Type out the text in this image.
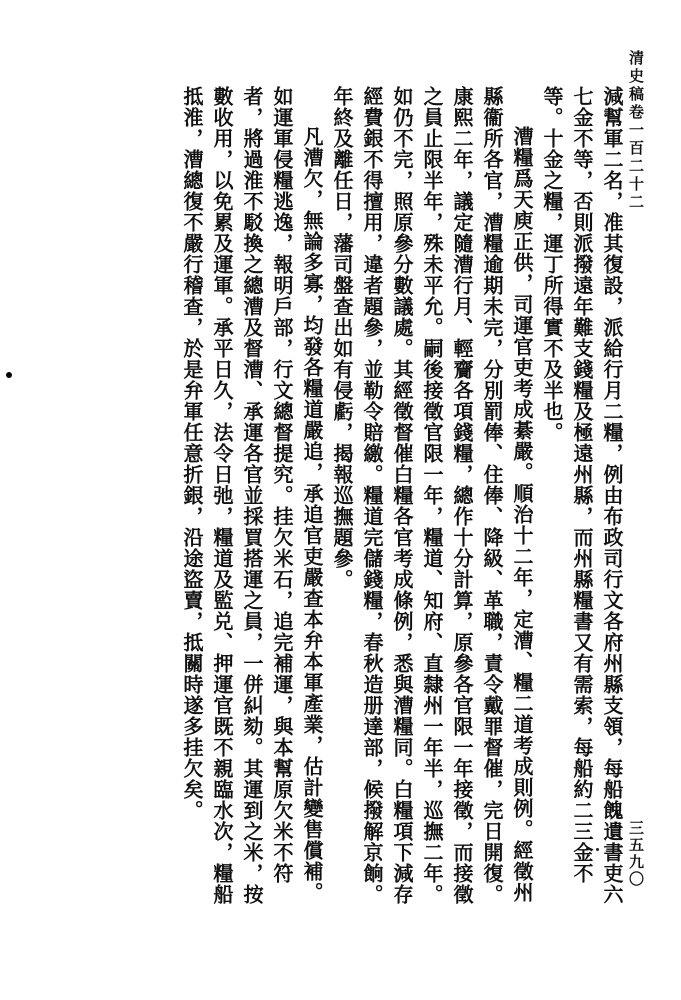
清史稿卷一百二十二

減幫軍二名，准其復設，派給行月二糧，例由布政司行文各府州縣支領，每船餽遺書吏六七金不等，否則派撥遠年難支錢糧及極遠州縣，而州縣糧書又有需索，每船約二三金不等。十金之糧，運丁所得實不及半也。

漕糧爲天庾正供，司運官吏考成綦嚴。順治十二年，定漕、糧二道考成則例。經徵州縣衞所各官，漕糧逾期未完，分別罰俸、住俸、降級、革職，責令戴罪督催，完日開復。康熙二年，議定隨漕行月、輕齎各項錢糧，總作十分計算，原參各官限一年接徵，而接徵之員止限半年，殊未平允。嗣後接徵官限一年，糧道、知府、直隸州一年半，巡撫二年。如仍不完，照原參分數議處。其經徵督催白糧各官考成條例，悉與漕糧同。白糧項下減存經費銀不得擅用，違者題參，並勒令賠繳。糧道完儲錢糧，春秋造册達部，候撥解京餉。年終及離任日，藩司盤查出如有侵虧，揭報巡撫題參。

凡漕欠，無論多寡，均發各糧道嚴追，承追官吏嚴查本弁本軍產業，估計變售償補。如運軍侵糧逃逸，報明戶部，行文總督提究。挂欠米石，追完補運，與本幫原欠米不符者，將過淮不駁換之總漕及督漕、承運各官並採買搭運之員，一併糾劾。其運到之米，按數收用，以免累及運軍。承平日久，法令日弛，糧道及監兑、押運官既不親臨水次，糧船抵淮，漕總復不嚴行稽查，於是弁軍任意折銀，沿途盜賣，抵關時遂多挂欠矣。

三五九〇
